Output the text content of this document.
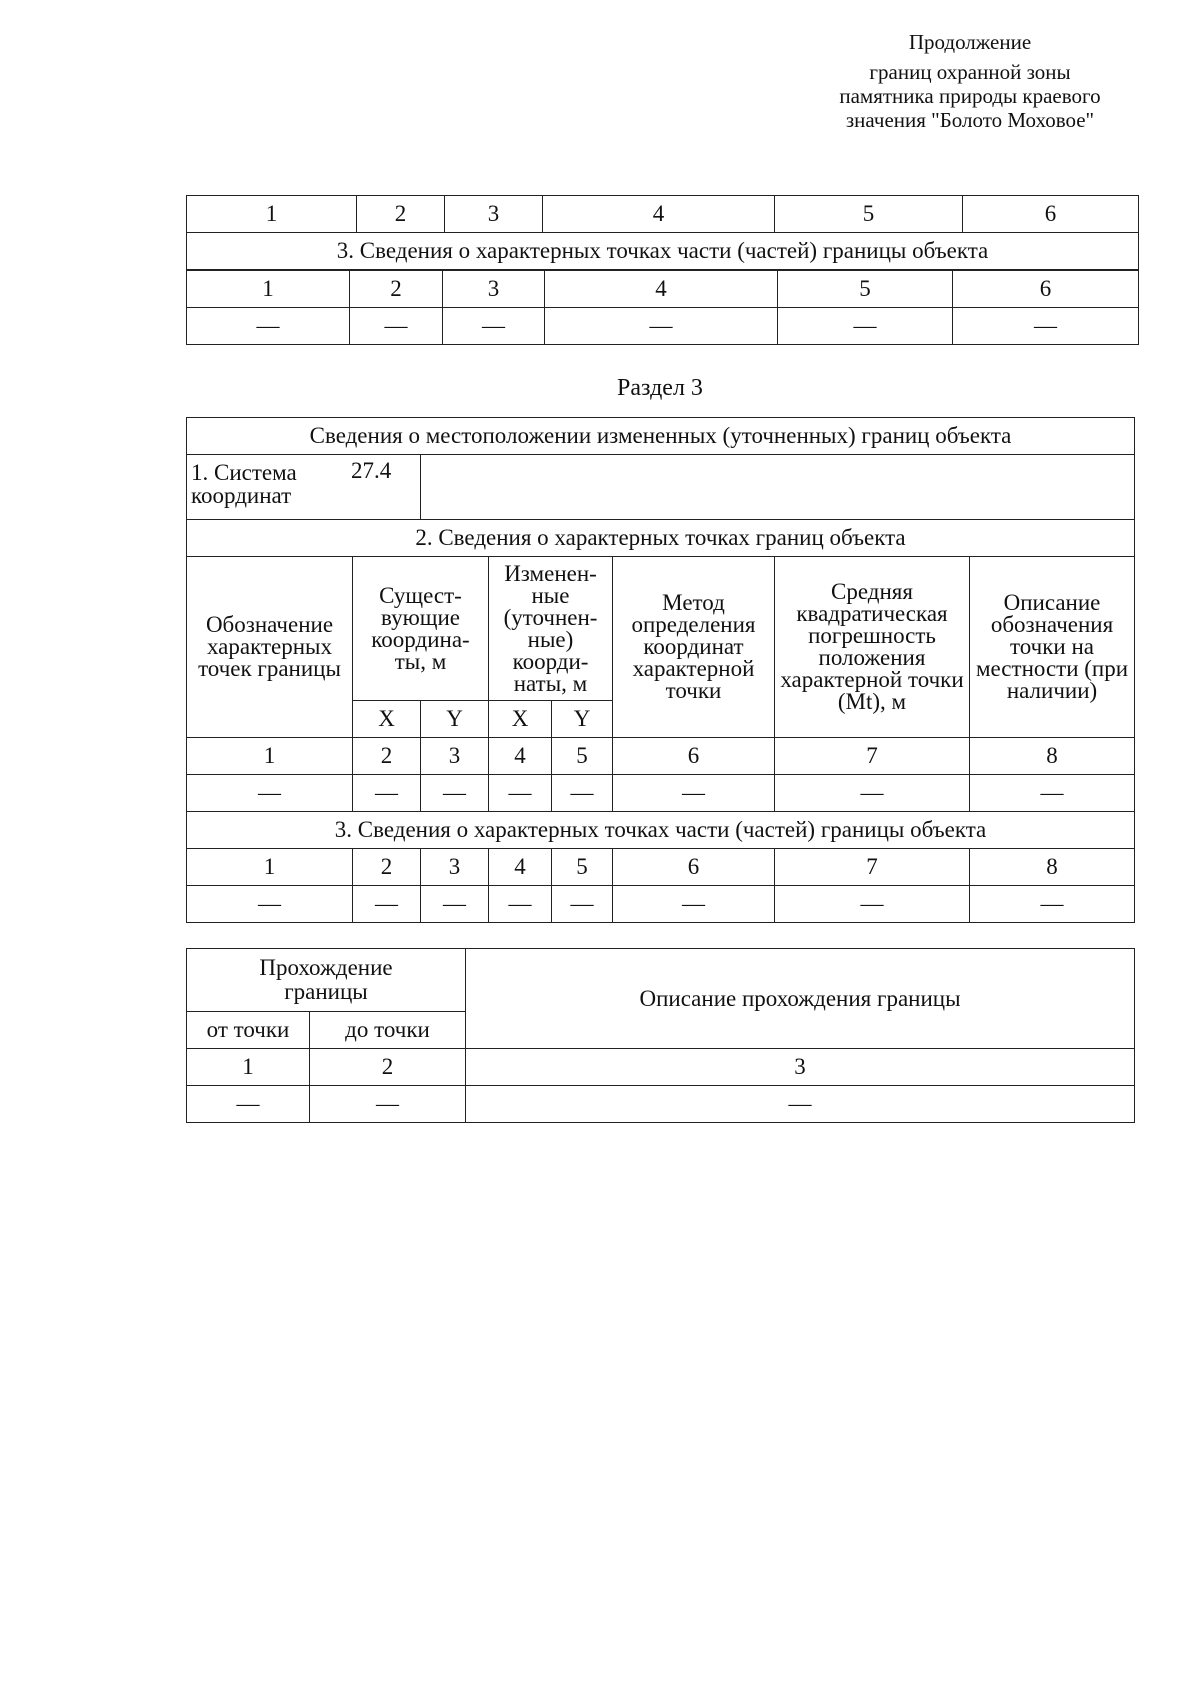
Продолжение
границ охранной зоны
памятника природы краевого
значения "Болото Моховое"
1	2	3	4	5	6
3. Сведения о характерных точках части (частей) границы объекта
1	2	3	4	5	6
—	—	—	—	—	—
Раздел 3
Сведения о местоположении измененных (уточненных) границ объекта							

1. Система
координат		27.4					
2. Сведения о характерных точках границ объекта							
Обозначение характерных точек границы	Сущест-вующие координа-ты, м		Изменен-ные (уточнен-ные) коорди-наты, м		Метод определения координат характерной точки	Средняя квадратическая погрешность положения характерной точки (Mt), м	Описание обозначения точки на местности (при наличии)
	X	Y	X	Y			
1	2	3	4	5	6	7	8
—	—	—	—	—	—	—	—
3. Сведения о характерных точках части (частей) границы объекта							
1	2	3	4	5	6	7	8
—	—	—	—	—	—	—	—
Прохождение границы		Описание прохождения границы
от точки	до точки	
1	2	3
—	—	—
